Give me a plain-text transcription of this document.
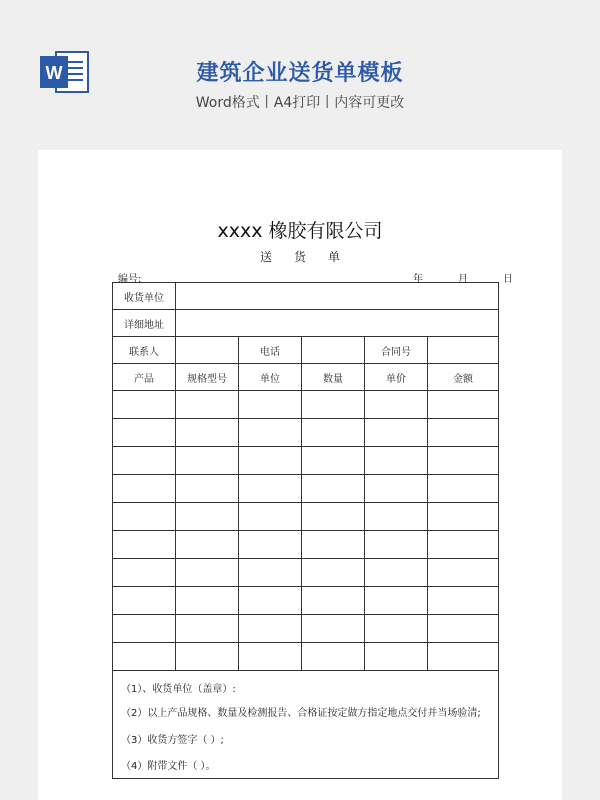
W	建筑企业送货单模板
Word格式丨A4打印丨内容可更改
xxxx 橡胶有限公司
送货单
编号:	年	月	日
收货单位					
详细地址					
联系人		电话		合同号	
产品	规格型号	单位	数量	单价	金额

（1）、收货单位（盖章）:					
（2）以上产品规格、数量及检测报告、合格证按定做方指定地点交付并当场验清;					
（3）收货方签字（ ）;					
（4）附带文件（ ）。					
